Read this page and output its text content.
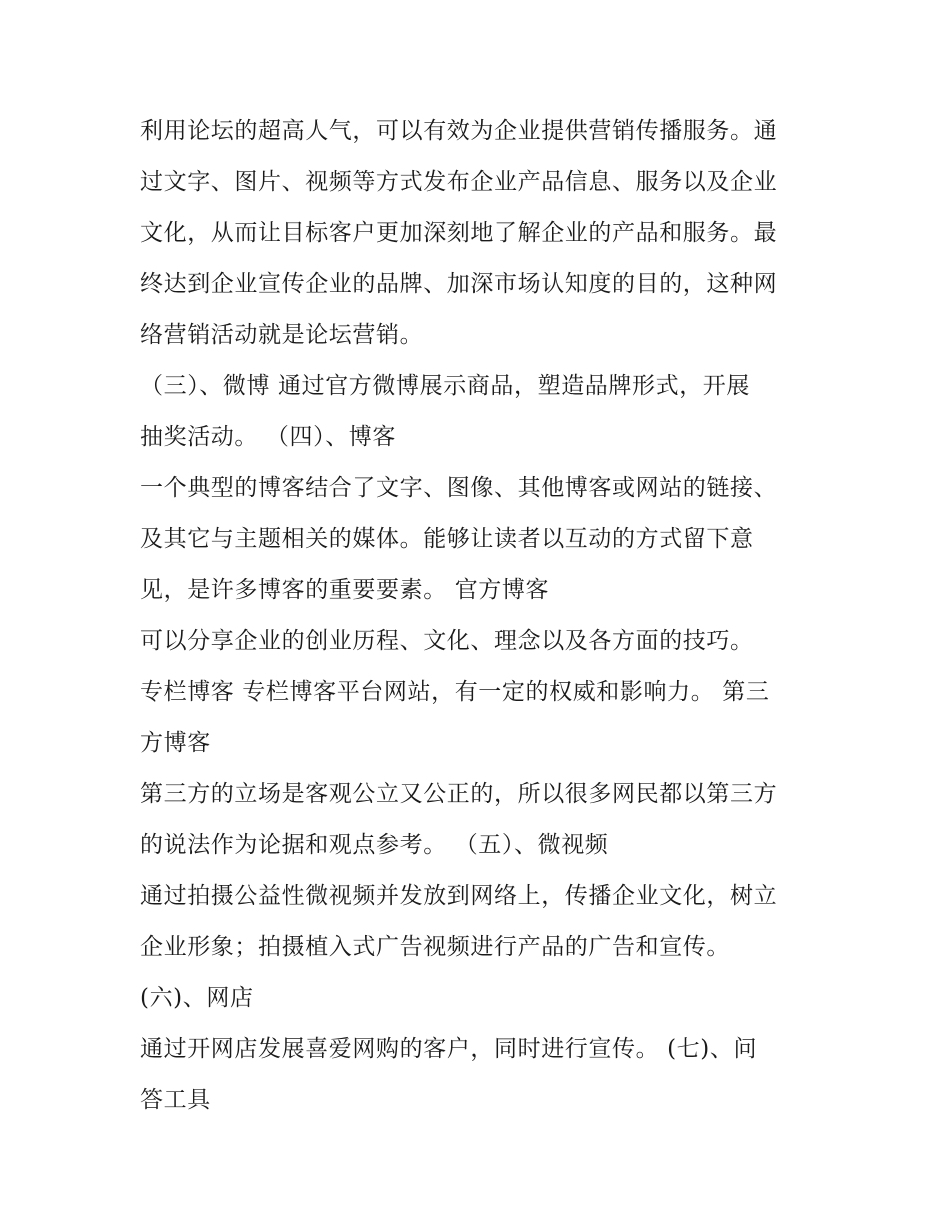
利用论坛的超高人气，可以有效为企业提供营销传播服务。通
过文字、图片、视频等方式发布企业产品信息、服务以及企业
文化，从而让目标客户更加深刻地了解企业的产品和服务。最
终达到企业宣传企业的品牌、加深市场认知度的目的，这种网
络营销活动就是论坛营销。
（三）、微博 通过官方微博展示商品，塑造品牌形式，开展
抽奖活动。 （四）、博客
一个典型的博客结合了文字、图像、其他博客或网站的链接、
及其它与主题相关的媒体。能够让读者以互动的方式留下意
见，是许多博客的重要要素。 官方博客
可以分享企业的创业历程、文化、理念以及各方面的技巧。
专栏博客 专栏博客平台网站，有一定的权威和影响力。 第三
方博客
第三方的立场是客观公立又公正的，所以很多网民都以第三方
的说法作为论据和观点参考。 （五）、微视频
通过拍摄公益性微视频并发放到网络上，传播企业文化，树立
企业形象；拍摄植入式广告视频进行产品的广告和宣传。
(六)、网店
通过开网店发展喜爱网购的客户，同时进行宣传。 (七)、问
答工具
